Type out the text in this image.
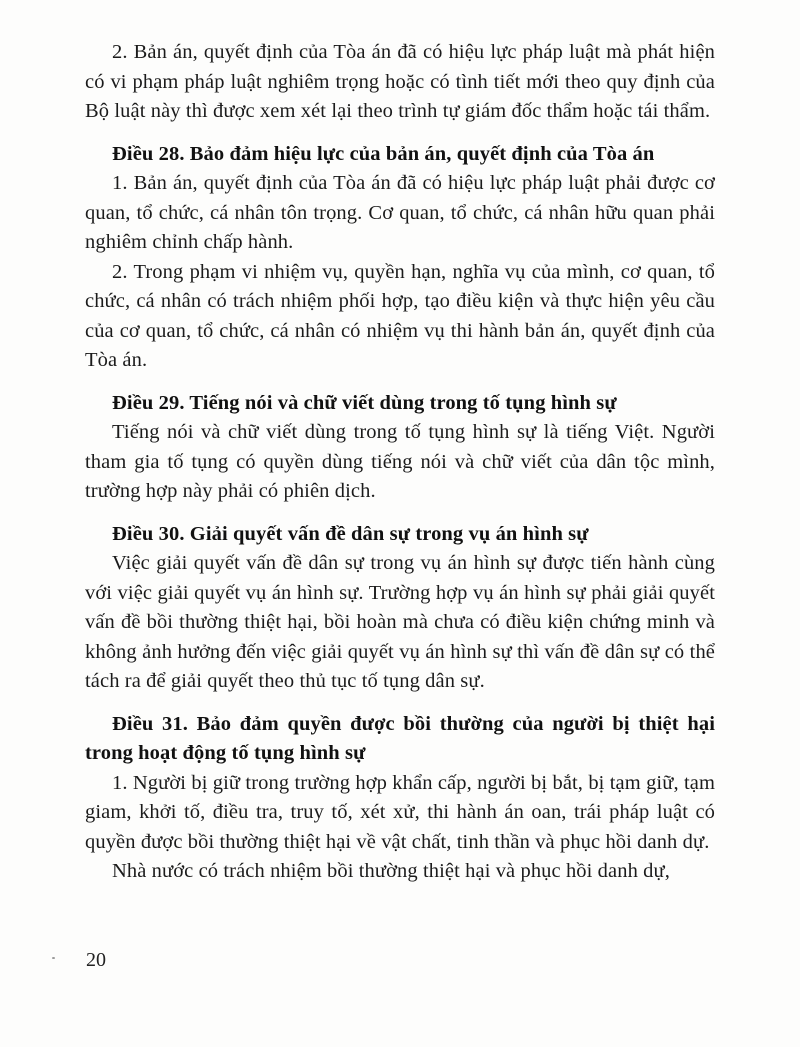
2. Bản án, quyết định của Tòa án đã có hiệu lực pháp luật mà phát hiện có vi phạm pháp luật nghiêm trọng hoặc có tình tiết mới theo quy định của Bộ luật này thì được xem xét lại theo trình tự giám đốc thẩm hoặc tái thẩm.

Điều 28. Bảo đảm hiệu lực của bản án, quyết định của Tòa án

1. Bản án, quyết định của Tòa án đã có hiệu lực pháp luật phải được cơ quan, tổ chức, cá nhân tôn trọng. Cơ quan, tổ chức, cá nhân hữu quan phải nghiêm chỉnh chấp hành.

2. Trong phạm vi nhiệm vụ, quyền hạn, nghĩa vụ của mình, cơ quan, tổ chức, cá nhân có trách nhiệm phối hợp, tạo điều kiện và thực hiện yêu cầu của cơ quan, tổ chức, cá nhân có nhiệm vụ thi hành bản án, quyết định của Tòa án.

Điều 29. Tiếng nói và chữ viết dùng trong tố tụng hình sự

Tiếng nói và chữ viết dùng trong tố tụng hình sự là tiếng Việt. Người tham gia tố tụng có quyền dùng tiếng nói và chữ viết của dân tộc mình, trường hợp này phải có phiên dịch.

Điều 30. Giải quyết vấn đề dân sự trong vụ án hình sự

Việc giải quyết vấn đề dân sự trong vụ án hình sự được tiến hành cùng với việc giải quyết vụ án hình sự. Trường hợp vụ án hình sự phải giải quyết vấn đề bồi thường thiệt hại, bồi hoàn mà chưa có điều kiện chứng minh và không ảnh hưởng đến việc giải quyết vụ án hình sự thì vấn đề dân sự có thể tách ra để giải quyết theo thủ tục tố tụng dân sự.

Điều 31. Bảo đảm quyền được bồi thường của người bị thiệt hại trong hoạt động tố tụng hình sự

1. Người bị giữ trong trường hợp khẩn cấp, người bị bắt, bị tạm giữ, tạm giam, khởi tố, điều tra, truy tố, xét xử, thi hành án oan, trái pháp luật có quyền được bồi thường thiệt hại về vật chất, tinh thần và phục hồi danh dự.

Nhà nước có trách nhiệm bồi thường thiệt hại và phục hồi danh dự,

20
